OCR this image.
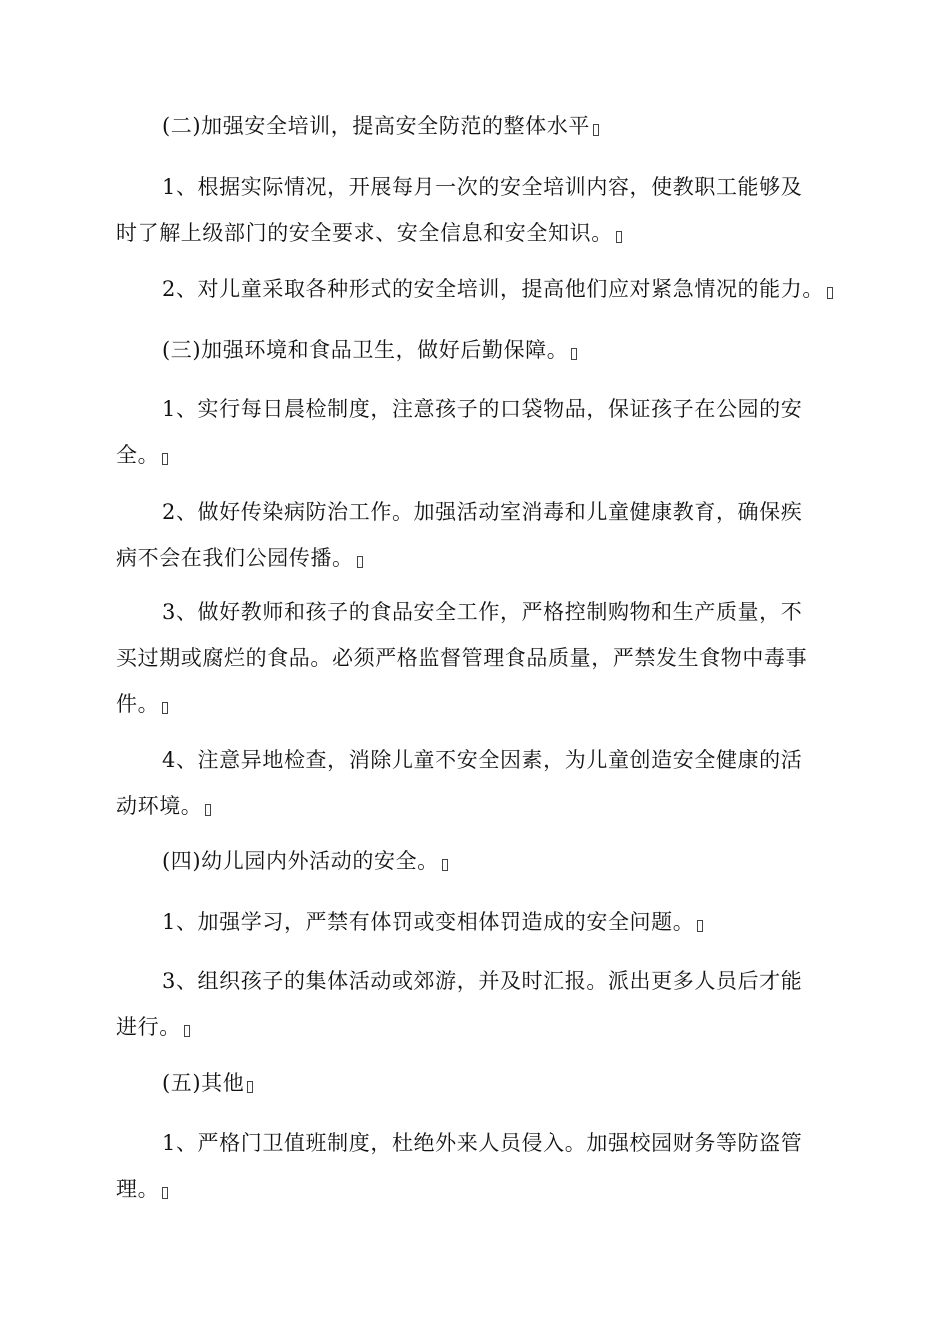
(二)加强安全培训，提高安全防范的整体水平

1、根据实际情况，开展每月一次的安全培训内容，使教职工能够及
时了解上级部门的安全要求、安全信息和安全知识。

2、对儿童采取各种形式的安全培训，提高他们应对紧急情况的能力。

(三)加强环境和食品卫生，做好后勤保障。

1、实行每日晨检制度，注意孩子的口袋物品，保证孩子在公园的安
全。

2、做好传染病防治工作。加强活动室消毒和儿童健康教育，确保疾
病不会在我们公园传播。

3、做好教师和孩子的食品安全工作，严格控制购物和生产质量，不
买过期或腐烂的食品。必须严格监督管理食品质量，严禁发生食物中毒事
件。

4、注意异地检查，消除儿童不安全因素，为儿童创造安全健康的活
动环境。

(四)幼儿园内外活动的安全。

1、加强学习，严禁有体罚或变相体罚造成的安全问题。

3、组织孩子的集体活动或郊游，并及时汇报。派出更多人员后才能
进行。

(五)其他

1、严格门卫值班制度，杜绝外来人员侵入。加强校园财务等防盗管
理。
